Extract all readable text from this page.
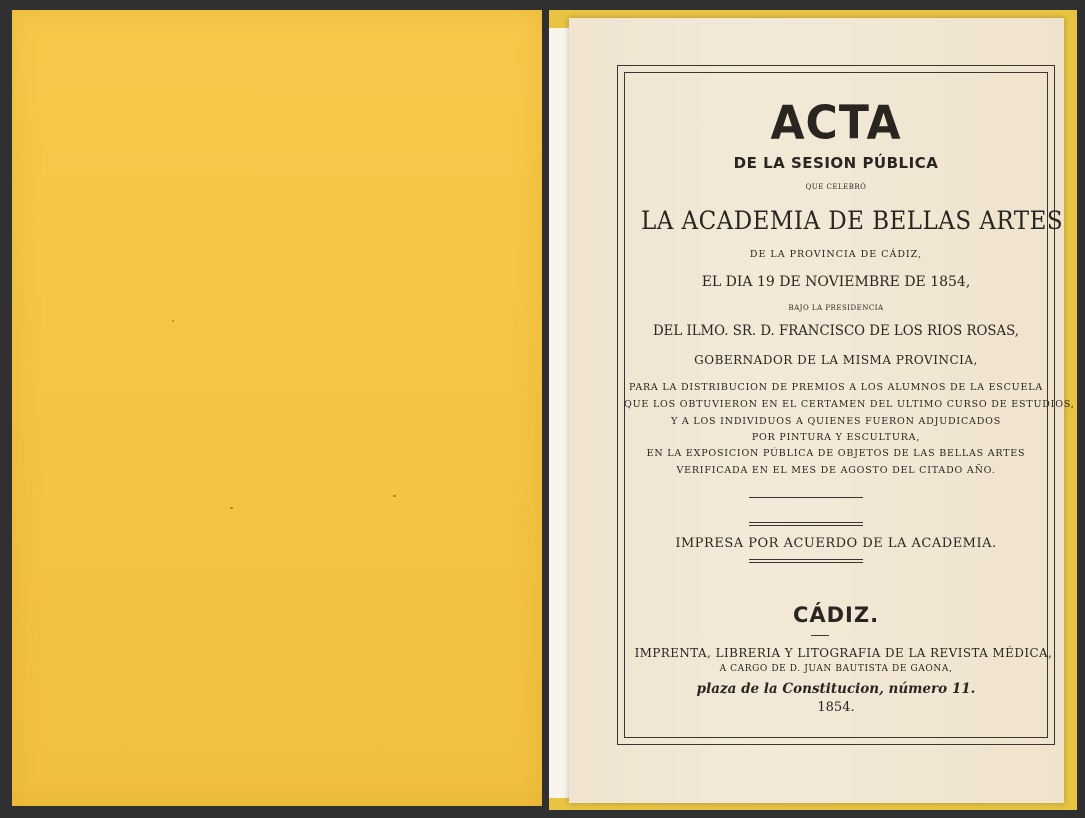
ACTA
DE LA SESION PÚBLICA
QUE CELEBRÓ
LA ACADEMIA DE BELLAS ARTES
DE LA PROVINCIA DE CÁDIZ,
EL DIA 19 DE NOVIEMBRE DE 1854,
BAJO LA PRESIDENCIA
DEL ILMO. SR. D. FRANCISCO DE LOS RIOS ROSAS,
GOBERNADOR DE LA MISMA PROVINCIA,
PARA LA DISTRIBUCION DE PREMIOS A LOS ALUMNOS DE LA ESCUELA
QUE LOS OBTUVIERON EN EL CERTAMEN DEL ULTIMO CURSO DE ESTUDIOS,
Y A LOS INDIVIDUOS A QUIENES FUERON ADJUDICADOS
POR PINTURA Y ESCULTURA,
EN LA EXPOSICION PÚBLICA DE OBJETOS DE LAS BELLAS ARTES
VERIFICADA EN EL MES DE AGOSTO DEL CITADO AÑO.
IMPRESA POR ACUERDO DE LA ACADEMIA.
CÁDIZ.
IMPRENTA, LIBRERIA Y LITOGRAFIA DE LA REVISTA MÉDICA,
A CARGO DE D. JUAN BAUTISTA DE GAONA,
plaza de la Constitucion, número 11.
1854.
